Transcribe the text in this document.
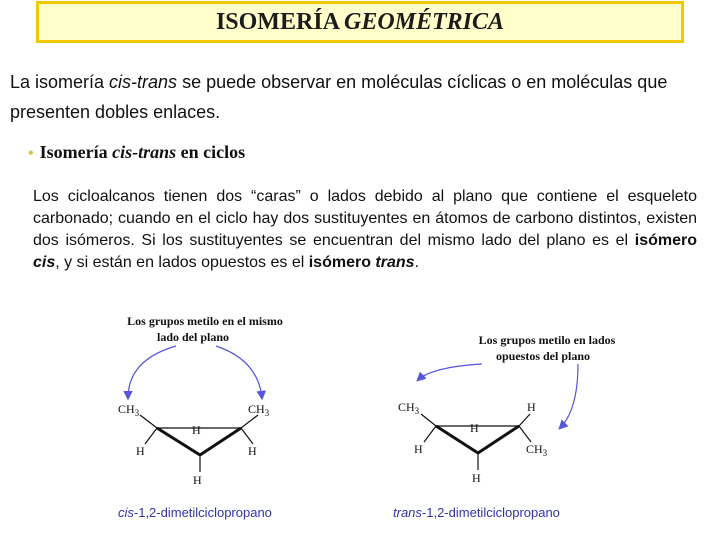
ISOMERÍA GEOMÉTRICA
La isomería cis-trans se puede observar en moléculas cíclicas o en moléculas que presenten dobles enlaces.
• Isomería cis-trans en ciclos
Los cicloalcanos tienen dos “caras” o lados debido al plano que contiene el esqueleto carbonado; cuando en el ciclo hay dos sustituyentes en átomos de carbono distintos, existen dos isómeros. Si los sustituyentes se encuentran del mismo lado del plano es el isómero cis, y si están en lados opuestos es el isómero trans.
Los grupos metilo en el mismo
lado del plano
$CH_3$	$CH_3$
H
H	H
H
cis-1,2-dimetilciclopropano
Los grupos metilo en lados
opuestos del plano
$CH_3$	H
H
H	$CH_3$
H
trans-1,2-dimetilciclopropano
